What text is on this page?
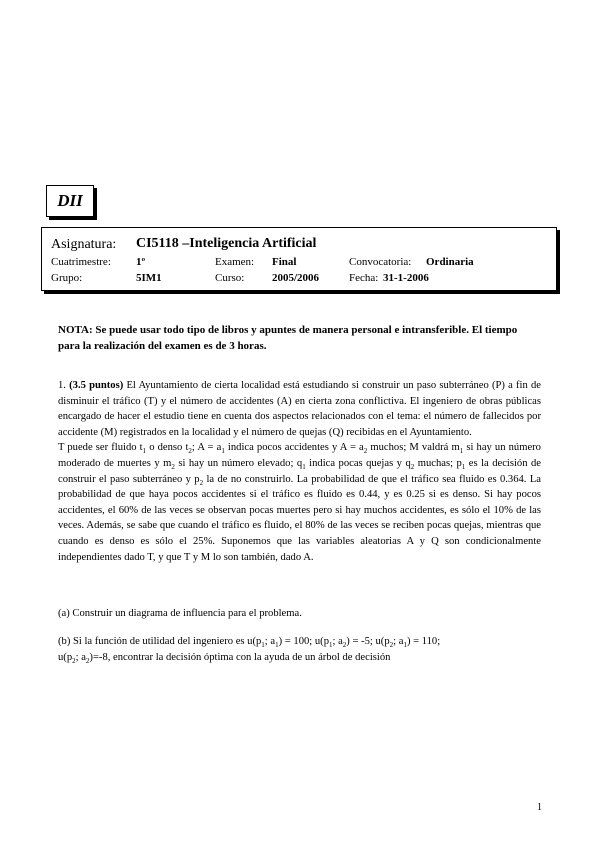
DII
Asignatura: CI5118 –Inteligencia Artificial
Cuatrimestre: 1º	Examen: Final	Convocatoria: Ordinaria
Grupo:	5IM1	Curso:	2005/2006	Fecha: 31-1-2006
NOTA: Se puede usar todo tipo de libros y apuntes de manera personal e intransferible. El tiempo para la realización del examen es de 3 horas.
1. (3.5 puntos) El Ayuntamiento de cierta localidad está estudiando si construir un paso subterráneo (P) a fin de disminuir el tráfico (T) y el número de accidentes (A) en cierta zona conflictiva. El ingeniero de obras públicas encargado de hacer el estudio tiene en cuenta dos aspectos relacionados con el tema: el número de fallecidos por accidente (M) registrados en la localidad y el número de quejas (Q) recibidas en el Ayuntamiento.
T puede ser fluido $t_1$ o denso $t_2$; $A = a_1$ indica pocos accidentes y $A = a_2$ muchos; M valdrá $m_1$ si hay un número moderado de muertes y $m_2$ si hay un número elevado; $q_1$ indica pocas quejas y $q_2$ muchas; $p_1$ es la decisión de construir el paso subterráneo y $p_2$ la de no construirlo. La probabilidad de que el tráfico sea fluido es 0.364. La probabilidad de que haya pocos accidentes si el tráfico es fluido es 0.44, y es 0.25 si es denso. Si hay pocos accidentes, el 60% de las veces se observan pocas muertes pero si hay muchos accidentes, es sólo el 10% de las veces. Además, se sabe que cuando el tráfico es fluido, el 80% de las veces se reciben pocas quejas, mientras que cuando es denso es sólo el 25%. Suponemos que las variables aleatorias A y Q son condicionalmente independientes dado T, y que T y M lo son también, dado A.
(a) Construir un diagrama de influencia para el problema.
(b) Si la función de utilidad del ingeniero es $u(p_1$; $a_1) = 100$; $u(p_1$; $a_2) = -5$; $u(p_2$; $a_1) = 110$;
$u(p_2$; $a_2)=-8$, encontrar la decisión óptima con la ayuda de un árbol de decisión
1
